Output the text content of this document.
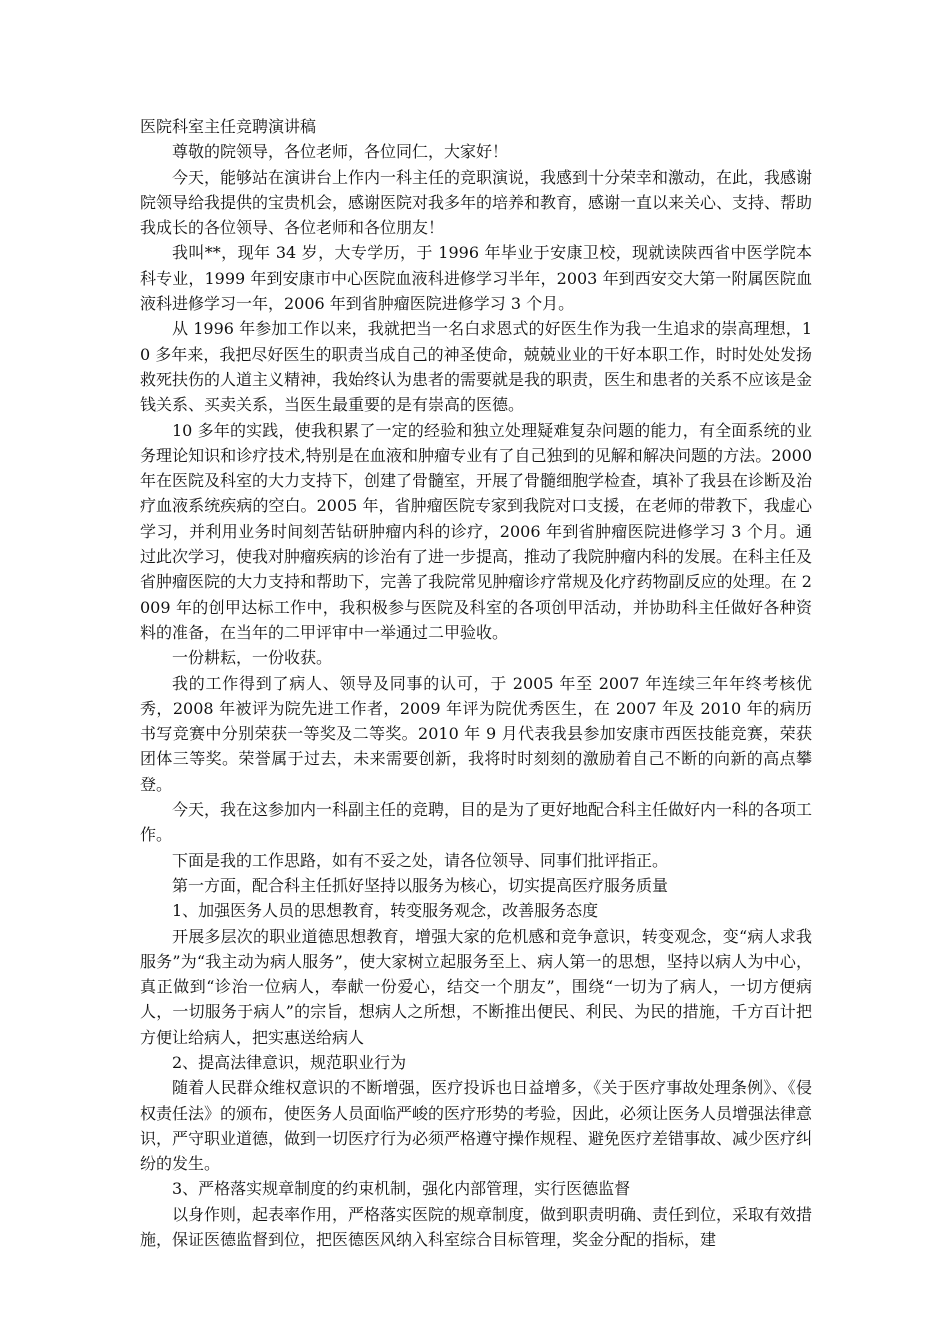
医院科室主任竞聘演讲稿

尊敬的院领导，各位老师，各位同仁，大家好！

今天，能够站在演讲台上作内一科主任的竞职演说，我感到十分荣幸和激动，在此，我感谢院领导给我提供的宝贵机会，感谢医院对我多年的培养和教育，感谢一直以来关心、支持、帮助我成长的各位领导、各位老师和各位朋友！

我叫**，现年 34 岁，大专学历，于 1996 年毕业于安康卫校，现就读陕西省中医学院本科专业，1999 年到安康市中心医院血液科进修学习半年，2003 年到西安交大第一附属医院血液科进修学习一年，2006 年到省肿瘤医院进修学习 3 个月。

从 1996 年参加工作以来，我就把当一名白求恩式的好医生作为我一生追求的崇高理想，10 多年来，我把尽好医生的职责当成自己的神圣使命，兢兢业业的干好本职工作，时时处处发扬救死扶伤的人道主义精神，我始终认为患者的需要就是我的职责，医生和患者的关系不应该是金钱关系、买卖关系，当医生最重要的是有崇高的医德。

10 多年的实践，使我积累了一定的经验和独立处理疑难复杂问题的能力，有全面系统的业务理论知识和诊疗技术,特别是在血液和肿瘤专业有了自己独到的见解和解决问题的方法。2000 年在医院及科室的大力支持下，创建了骨髓室，开展了骨髓细胞学检查，填补了我县在诊断及治疗血液系统疾病的空白。2005 年，省肿瘤医院专家到我院对口支援，在老师的带教下，我虚心学习，并利用业务时间刻苦钻研肿瘤内科的诊疗，2006 年到省肿瘤医院进修学习 3 个月。通过此次学习，使我对肿瘤疾病的诊治有了进一步提高，推动了我院肿瘤内科的发展。在科主任及省肿瘤医院的大力支持和帮助下，完善了我院常见肿瘤诊疗常规及化疗药物副反应的处理。在 2009 年的创甲达标工作中，我积极参与医院及科室的各项创甲活动，并协助科主任做好各种资料的准备，在当年的二甲评审中一举通过二甲验收。

一份耕耘，一份收获。

我的工作得到了病人、领导及同事的认可，于 2005 年至 2007 年连续三年年终考核优秀，2008 年被评为院先进工作者，2009 年评为院优秀医生，在 2007 年及 2010 年的病历书写竞赛中分别荣获一等奖及二等奖。2010 年 9 月代表我县参加安康市西医技能竞赛，荣获团体三等奖。荣誉属于过去，未来需要创新，我将时时刻刻的激励着自己不断的向新的高点攀登。

今天，我在这参加内一科副主任的竞聘，目的是为了更好地配合科主任做好内一科的各项工作。

下面是我的工作思路，如有不妥之处，请各位领导、同事们批评指正。

第一方面，配合科主任抓好坚持以服务为核心，切实提高医疗服务质量

1、加强医务人员的思想教育，转变服务观念，改善服务态度

开展多层次的职业道德思想教育，增强大家的危机感和竞争意识，转变观念，变“病人求我服务”为“我主动为病人服务”，使大家树立起服务至上、病人第一的思想，坚持以病人为中心，真正做到“诊治一位病人，奉献一份爱心，结交一个朋友”，围绕“一切为了病人，一切方便病人，一切服务于病人”的宗旨，想病人之所想，不断推出便民、利民、为民的措施，千方百计把方便让给病人，把实惠送给病人

2、提高法律意识，规范职业行为

随着人民群众维权意识的不断增强，医疗投诉也日益增多，《关于医疗事故处理条例》、《侵权责任法》的颁布，使医务人员面临严峻的医疗形势的考验，因此，必须让医务人员增强法律意识，严守职业道德，做到一切医疗行为必须严格遵守操作规程、避免医疗差错事故、减少医疗纠纷的发生。

3、严格落实规章制度的约束机制，强化内部管理，实行医德监督

以身作则，起表率作用，严格落实医院的规章制度，做到职责明确、责任到位，采取有效措施，保证医德监督到位，把医德医风纳入科室综合目标管理，奖金分配的指标，建
